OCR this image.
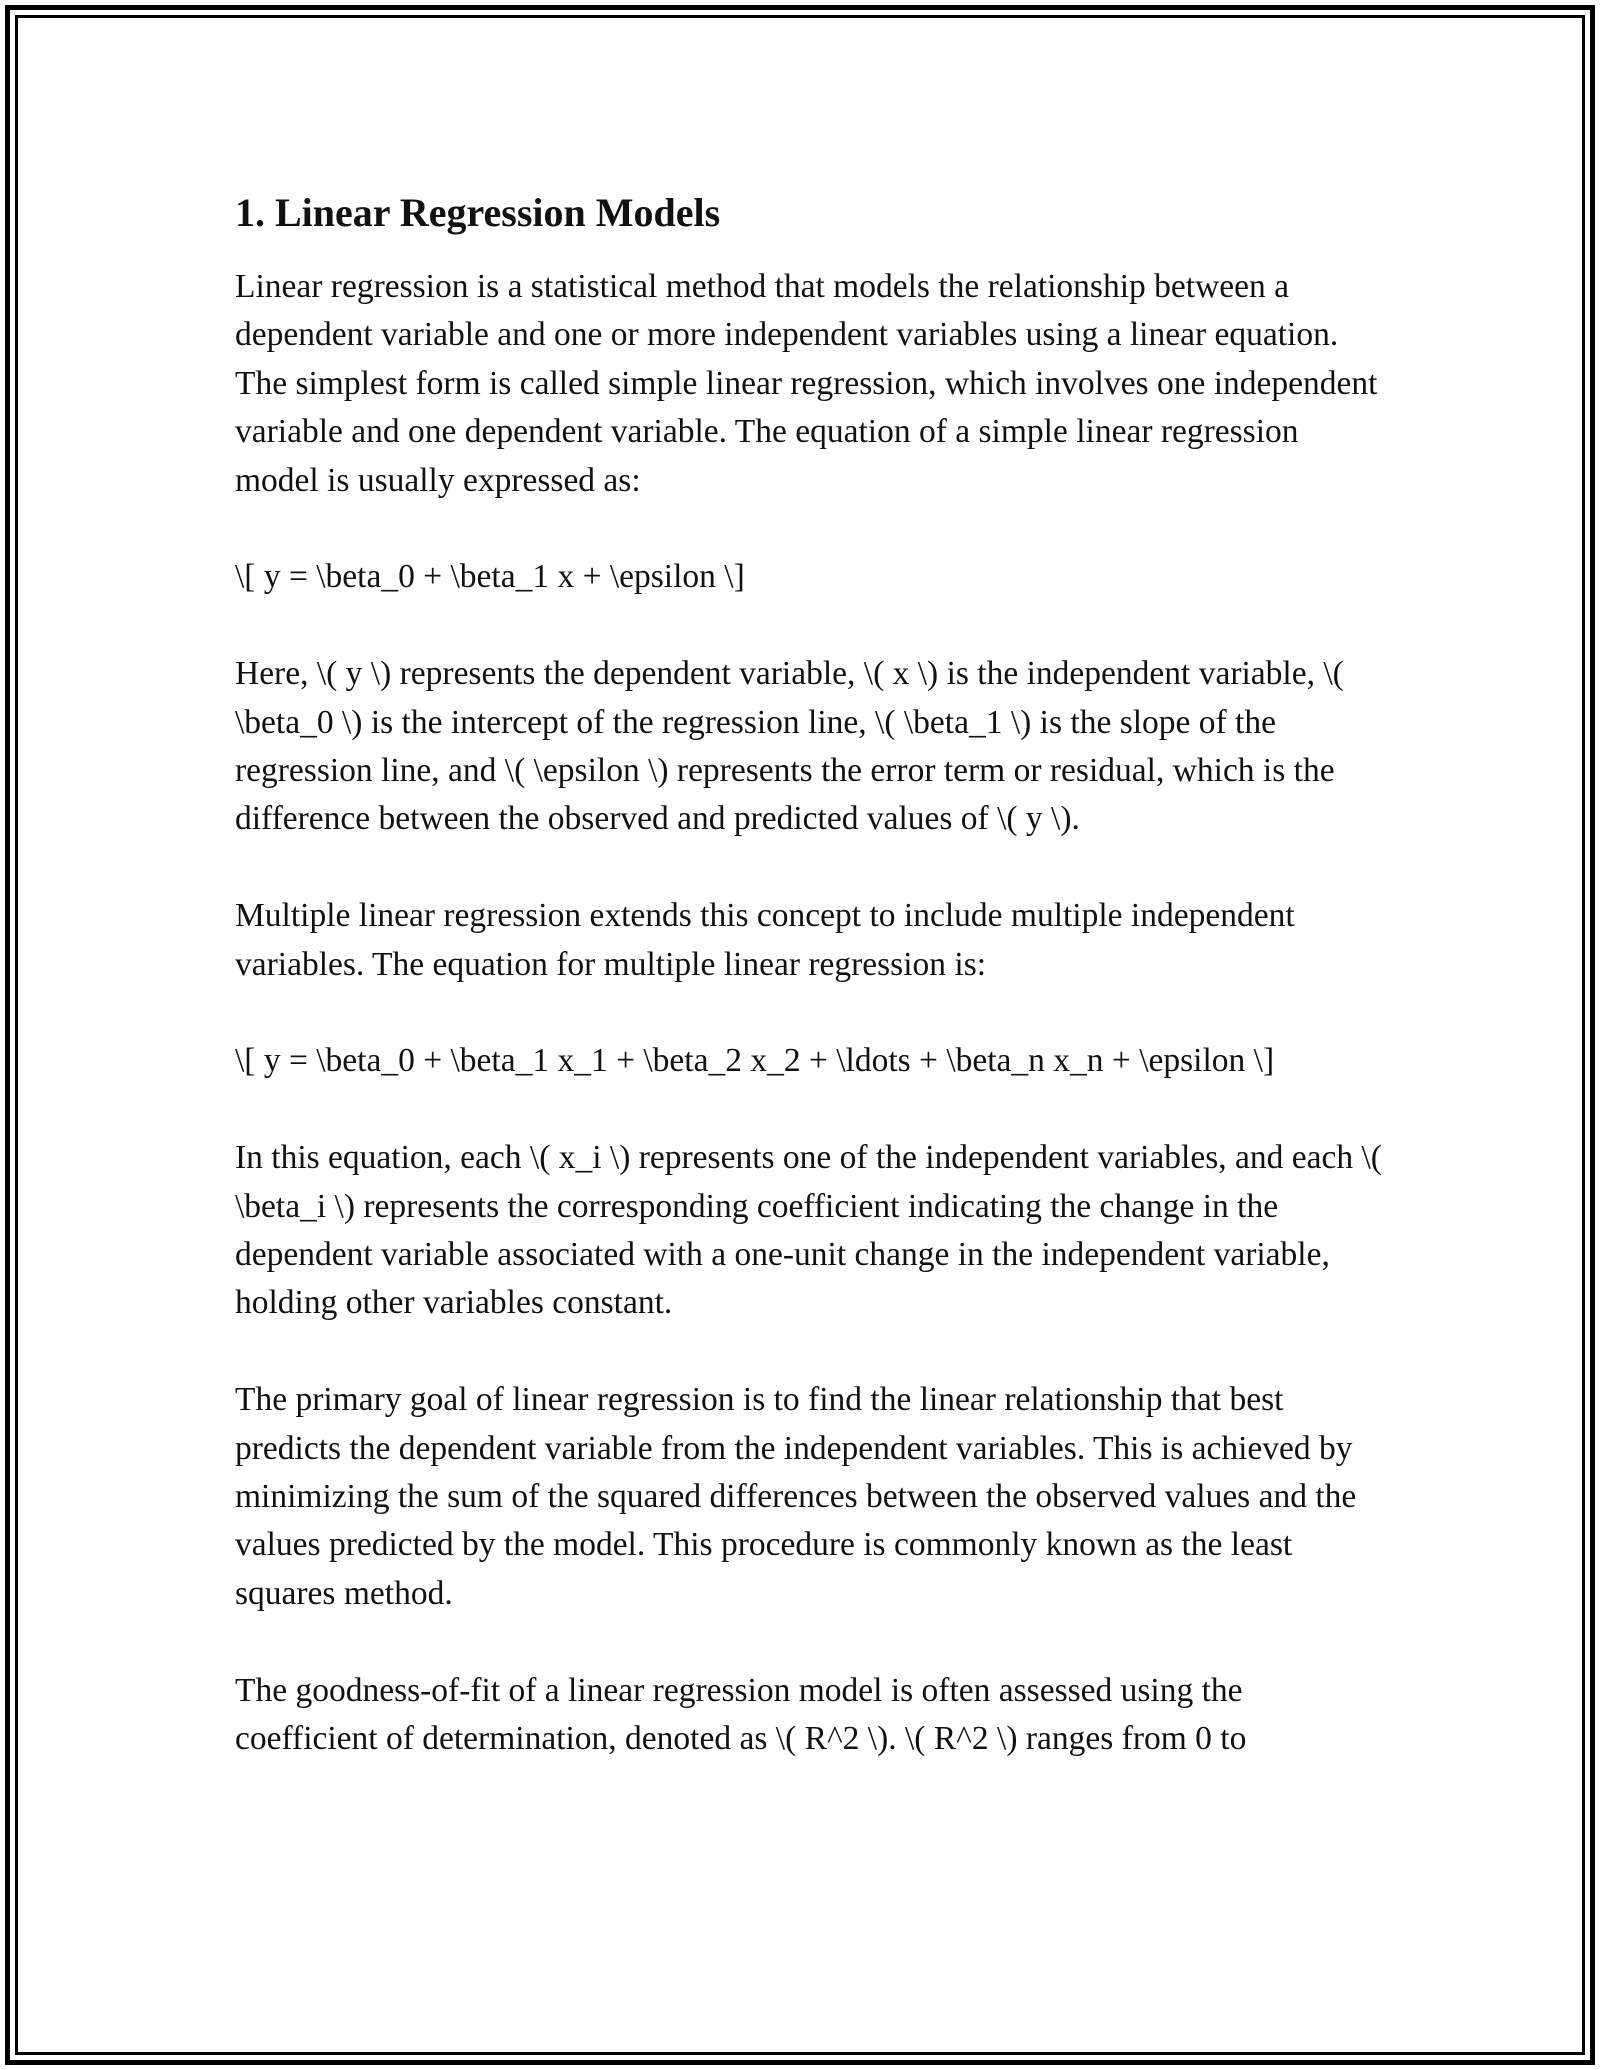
1. Linear Regression Models

Linear regression is a statistical method that models the relationship between a dependent variable and one or more independent variables using a linear equation. The simplest form is called simple linear regression, which involves one independent variable and one dependent variable. The equation of a simple linear regression model is usually expressed as:

\[ y = \beta_0 + \beta_1 x + \epsilon \]

Here, \( y \) represents the dependent variable, \( x \) is the independent variable, \( \beta_0 \) is the intercept of the regression line, \( \beta_1 \) is the slope of the regression line, and \( \epsilon \) represents the error term or residual, which is the difference between the observed and predicted values of \( y \).

Multiple linear regression extends this concept to include multiple independent variables. The equation for multiple linear regression is:

\[ y = \beta_0 + \beta_1 x_1 + \beta_2 x_2 + \ldots + \beta_n x_n + \epsilon \]

In this equation, each \( x_i \) represents one of the independent variables, and each \( \beta_i \) represents the corresponding coefficient indicating the change in the dependent variable associated with a one-unit change in the independent variable, holding other variables constant.

The primary goal of linear regression is to find the linear relationship that best predicts the dependent variable from the independent variables. This is achieved by minimizing the sum of the squared differences between the observed values and the values predicted by the model. This procedure is commonly known as the least squares method.

The goodness-of-fit of a linear regression model is often assessed using the coefficient of determination, denoted as \( R^2 \). \( R^2 \) ranges from 0 to
